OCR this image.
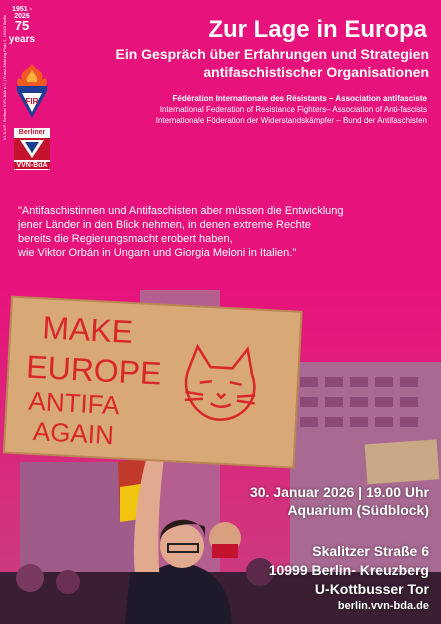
1951 - 2026
75
years
V.i.S.d.P.: Berliner VVN-BdA e.V. | Franz-Mehring-Platz 1, 10243 Berlin FIR
Berliner
VVN-BdA
Zur Lage in Europa
Ein Gespräch über Erfahrungen und Strategien
antifaschistischer Organisationen
Fédération Internationale des Résistants – Association antifasciste
International Federation of Resistance Fighters– Association of Anti-fascists
Internationale Föderation der Widerstandskämpfer – Bund der Antifaschisten
"Antifaschistinnen und Antifaschisten aber müssen die Entwicklung
jener Länder in den Blick nehmen, in denen extreme Rechte
bereits die Regierungsmacht erobert haben,
wie Viktor Orbán in Ungarn und Giorgia Meloni in Italien."
MAKE
EUROPE
ANTIFA
AGAIN
30. Januar 2026 | 19.00 Uhr
Aquarium (Südblock)
Skalitzer Straße 6
10999 Berlin- Kreuzberg
U-Kottbusser Tor
berlin.vvn-bda.de
